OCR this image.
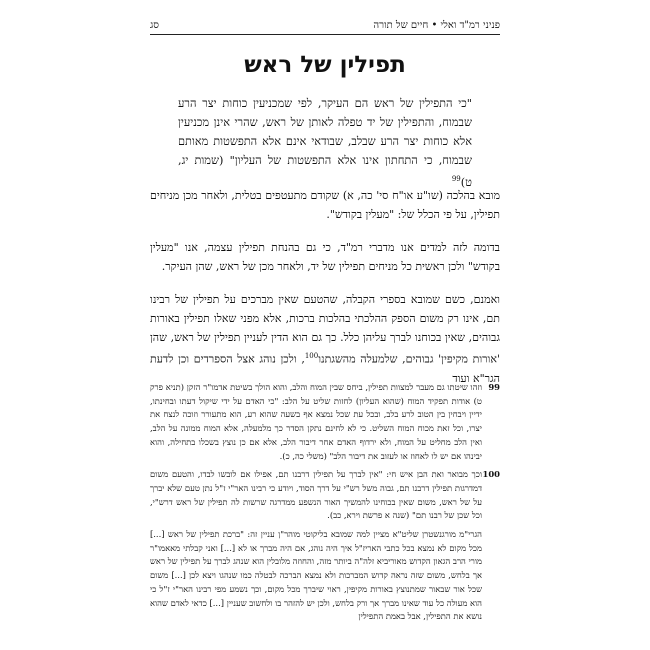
פניני רמ"ד ואלי • חיים של תורה
סג
תפילין של ראש
"כי התפילין של ראש הם העיקר, לפי שמכניעין כוחות יצר הרע שבמוח, והתפילין של יד טפלה לאותן של ראש, שהרי אינן מכניעין אלא כוחות יצר הרע שבלב, שבודאי אינם אלא התפשטות מאותם שבמוח, כי התחתון אינו אלא התפשטות של העליון" (שמות יג, ט)$^{99}$
מובא בהלכה (שו"ע או"ח סי' כה, א) שקודם מתעטפים בטלית, ולאחר מכן מניחים תפילין, על פי הכלל של: "מעלין בקודש".
בדומה לזה למדים אנו מדברי רמ"ד, כי גם בהנחת תפילין עצמה, אנו "מעלין בקודש" ולכן ראשית כל מניחים תפילין של יד, ולאחר מכן של ראש, שהן העיקר.
ואמנם, כשם שמובא בספרי הקבלה, שהטעם שאין מברכים על תפילין של רבינו תם, אינו רק משום הספק ההלכתי בהלכות ברכות, אלא מפני שאלו תפילין באורות גבוהים, שאין בכוחנו לברך עליהן כלל. כך גם הוא הדין לעניין תפילין של ראש, שהן 'אורות מקיפין' גבוהים, שלמעלה מהשגתנו$^{100}$, ולכן נוהג אצל הספרדים וכן לדעת הגר"א ועוד
99
וזהו שיטתו גם מעבר למצוות תפילין, ביחס שבין המוח והלב, והוא הולך בשיטת אדמו"ר הזקן (תניא פרק ט) אודות תפקיד המוח (שהוא העליון) לחזות שליט על הלב: "כי האדם על ידי שיקול דעתו ובחינתו, ידיין ויבחין בין הטוב לרע בלב, ובכל עת שכל נמצא אף בשעה שהוא רע, הוא מתעורר וזוכה לנצח את יצרו, וכל זאת מכוח המוח השליט. כי לא לחינם נתקן הסדר כך מלמעלה, אלא המוח ממונה על הלב, ואין הלב מחליט על המוח, ולא ירדוף האדם אחר דיבור הלב, אלא אם כן נוצץ בשכלו בתחילה, והוא יבינהו אם יש לו לאחוז או לעזוב את דיבור הלב" (משלי כה, כ).
100
וכך מבואר ואת הבן איש חי: "אין לברך על תפילין דרבנו תם, אפילו אם לובשו לבדו, והטעם משום דמדרגות תפילין דרבנו תם, גבוה משל רש"י על דרך הסוד, ויודע כי רבינו האר"י ז"ל נתן טעם שלא יברך על של ראש, משום שאין בכוחינו להמשיך האור הנשפע ממדרגה שרשות לה תפילין של ראש דרש"י, וכל שכן של רבנו תם" (שנה א פרשת וירא, כב).
הגרי"מ מורגנשטרן שליט"א מציין למה שמובא בליקוטי מוהר"ן עניין זה: "ברכת תפילין של ראש [...] מכל מקום לא נמצא בכל כתבי האריז"ל איך היה נוהג, אם היה מברך או לא [...] ואני קבלתי מאאמו"ר מורי הרב הגאון הקדוש מאוריביא זלה"ה ביותר מזה, והחוזה מלובלין הוא שנהג לברך על תפילין של ראש אך בלחש, משום שזה נראה קדוש המברכות ולא נמצא הברכה לבטלה כמו שנהגו ויצא לכן [...] משום שכל אור שבאור שמתנוצץ באורות מקיפין, ראוי שיברך מכל מקום, וכך נשמע מפי רבינו האר"י ז"ל כי הוא מעולה כל עוד שאינו מברך אך ורק בלחש, ולכן יש להזהר בו ולחשוב שעניין [...] כדאי לאדם שהוא נושא את התפילין, אבל באמת התפילין
